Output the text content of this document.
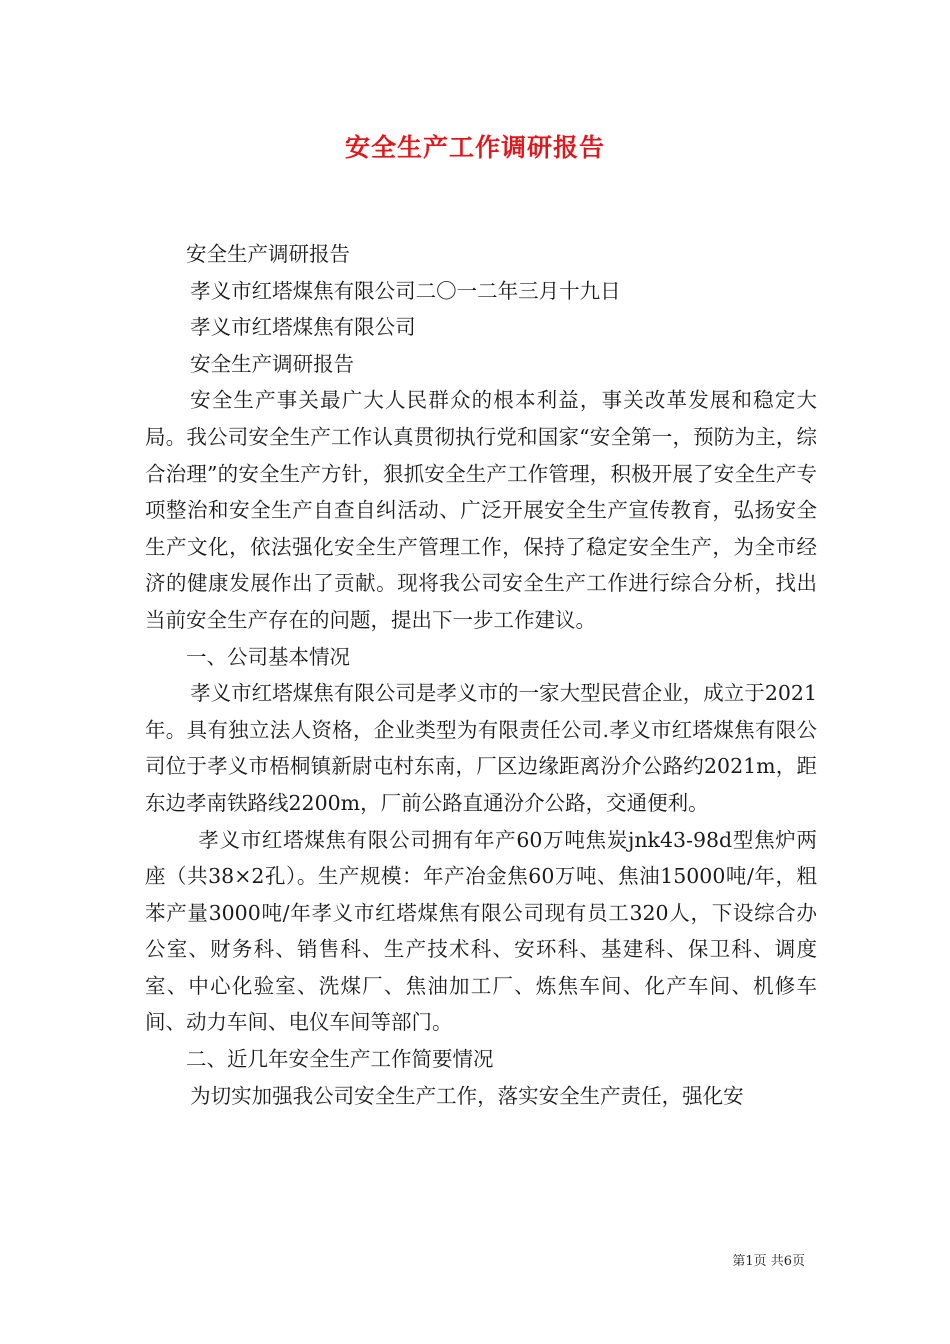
安全生产工作调研报告

安全生产调研报告

孝义市红塔煤焦有限公司二〇一二年三月十九日

孝义市红塔煤焦有限公司

安全生产调研报告

安全生产事关最广大人民群众的根本利益，事关改革发展和稳定大局。我公司安全生产工作认真贯彻执行党和国家“安全第一，预防为主，综合治理”的安全生产方针，狠抓安全生产工作管理，积极开展了安全生产专项整治和安全生产自查自纠活动、广泛开展安全生产宣传教育，弘扬安全生产文化，依法强化安全生产管理工作，保持了稳定安全生产，为全市经济的健康发展作出了贡献。现将我公司安全生产工作进行综合分析，找出当前安全生产存在的问题，提出下一步工作建议。

一、公司基本情况

孝义市红塔煤焦有限公司是孝义市的一家大型民营企业，成立于2021年。具有独立法人资格，企业类型为有限责任公司.孝义市红塔煤焦有限公司位于孝义市梧桐镇新尉屯村东南，厂区边缘距离汾介公路约2021m，距东边孝南铁路线2200m，厂前公路直通汾介公路，交通便利。

孝义市红塔煤焦有限公司拥有年产60万吨焦炭jnk43-98d型焦炉两座（共38×2孔）。生产规模：年产冶金焦60万吨、焦油15000吨/年，粗苯产量3000吨/年孝义市红塔煤焦有限公司现有员工320人，下设综合办公室、财务科、销售科、生产技术科、安环科、基建科、保卫科、调度室、中心化验室、洗煤厂、焦油加工厂、炼焦车间、化产车间、机修车间、动力车间、电仪车间等部门。

二、近几年安全生产工作简要情况

为切实加强我公司安全生产工作，落实安全生产责任，强化安

第1页 共6页
